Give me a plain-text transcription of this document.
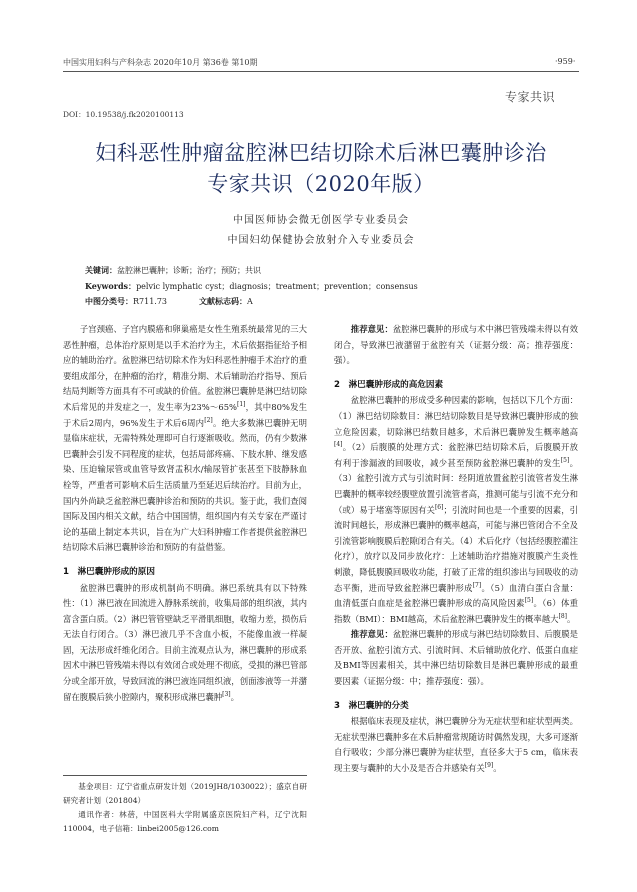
中国实用妇科与产科杂志 2020年10月 第36卷 第10期	·959·
专家共识
DOI：10.19538/j.fk2020100113
妇科恶性肿瘤盆腔淋巴结切除术后淋巴囊肿诊治
专家共识（2020年版）
中国医师协会微无创医学专业委员会
中国妇幼保健协会放射介入专业委员会
关键词：盆腔淋巴囊肿；诊断；治疗；预防；共识
Keywords：pelvic lymphatic cyst；diagnosis；treatment；prevention；consensus
中图分类号：R711.73	文献标志码：A

子宫颈癌、子宫内膜癌和卵巢癌是女性生殖系统最常见的三大恶性肿瘤，总体治疗原则是以手术治疗为主，术后依据指征给予相应的辅助治疗。盆腔淋巴结切除术作为妇科恶性肿瘤手术治疗的重要组成部分，在肿瘤的治疗，精准分期、术后辅助治疗指导、预后结局判断等方面具有不可或缺的价值。盆腔淋巴囊肿是淋巴结切除术后常见的并发症之一，发生率为23%～65%[1]，其中80%发生于术后2周内，96%发生于术后6周内[2]。绝大多数淋巴囊肿无明显临床症状，无需特殊处理即可自行逐渐吸收。然而，仍有少数淋巴囊肿会引发不同程度的症状，包括局部疼痛、下肢水肿、继发感染、压迫输尿管或血管导致肾盂积水/输尿管扩张甚至下肢静脉血栓等，严重者可影响术后生活质量乃至延迟后续治疗。目前为止，国内外尚缺乏盆腔淋巴囊肿诊治和预防的共识。鉴于此，我们查阅国际及国内相关文献，结合中国国情，组织国内有关专家在严谨讨论的基础上制定本共识，旨在为广大妇科肿瘤工作者提供盆腔淋巴结切除术后淋巴囊肿诊治和预防的有益借鉴。

1　淋巴囊肿形成的原因

盆腔淋巴囊肿的形成机制尚不明确。淋巴系统具有以下特殊性：（1）淋巴液在回流进入静脉系统前，收集局部的组织液，其内富含蛋白质。（2）淋巴管管壁缺乏平滑肌细胞，收缩力差，损伤后无法自行闭合。（3）淋巴液几乎不含血小板，不能像血液一样凝固，无法形成纤维化闭合。目前主流观点认为，淋巴囊肿的形成系因术中淋巴管残端未得以有效闭合或处理不彻底，受损的淋巴管部分或全部开放，导致回流的淋巴液连同组织液，创面渗液等一并潴留在腹膜后狭小腔隙内，聚积形成淋巴囊肿[3]。

推荐意见：盆腔淋巴囊肿的形成与术中淋巴管残端未得以有效闭合，导致淋巴液潴留于盆腔有关（证据分级：高；推荐强度：强）。

2　淋巴囊肿形成的高危因素

盆腔淋巴囊肿的形成受多种因素的影响，包括以下几个方面：（1）淋巴结切除数目：淋巴结切除数目是导致淋巴囊肿形成的独立危险因素，切除淋巴结数目越多，术后淋巴囊肿发生概率越高[4]。（2）后腹膜的处理方式：盆腔淋巴结切除术后，后腹膜开放有利于渗漏液的回吸收，减少甚至预防盆腔淋巴囊肿的发生[5]。（3）盆腔引流方式与引流时间：经阴道放置盆腔引流管者发生淋巴囊肿的概率较经腹壁放置引流管者高，推测可能与引流不充分和（或）易于堵塞等原因有关[6]；引流时间也是一个重要的因素，引流时间越长，形成淋巴囊肿的概率越高，可能与淋巴管闭合不全及引流管影响腹膜后腔隙闭合有关。（4）术后化疗（包括经腹腔灌注化疗），放疗以及同步放化疗：上述辅助治疗措施对腹膜产生炎性刺激，降低腹膜回吸收功能，打破了正常的组织渗出与回吸收的动态平衡，进而导致盆腔淋巴囊肿形成[7]。（5）血清白蛋白含量：血清低蛋白血症是盆腔淋巴囊肿形成的高风险因素[5]。（6）体重指数（BMI）：BMI越高，术后盆腔淋巴囊肿发生的概率越大[8]。

推荐意见：盆腔淋巴囊肿的形成与淋巴结切除数目、后腹膜是否开放、盆腔引流方式、引流时间、术后辅助放化疗、低蛋白血症及BMI等因素相关，其中淋巴结切除数目是淋巴囊肿形成的最重要因素（证据分级：中；推荐强度：强）。

3　淋巴囊肿的分类

根据临床表现及症状，淋巴囊肿分为无症状型和症状型两类。无症状型淋巴囊肿多在术后肿瘤常规随访时偶然发现，大多可逐渐自行吸收；少部分淋巴囊肿为症状型，直径多大于5 cm，临床表现主要与囊肿的大小及是否合并感染有关[9]。

基金项目：辽宁省重点研发计划（2019JH8/1030022）；盛京自研研究者计划（201804）

通讯作者：林蓓，中国医科大学附属盛京医院妇产科，辽宁沈阳 110004，电子信箱：linbei2005@126.com
